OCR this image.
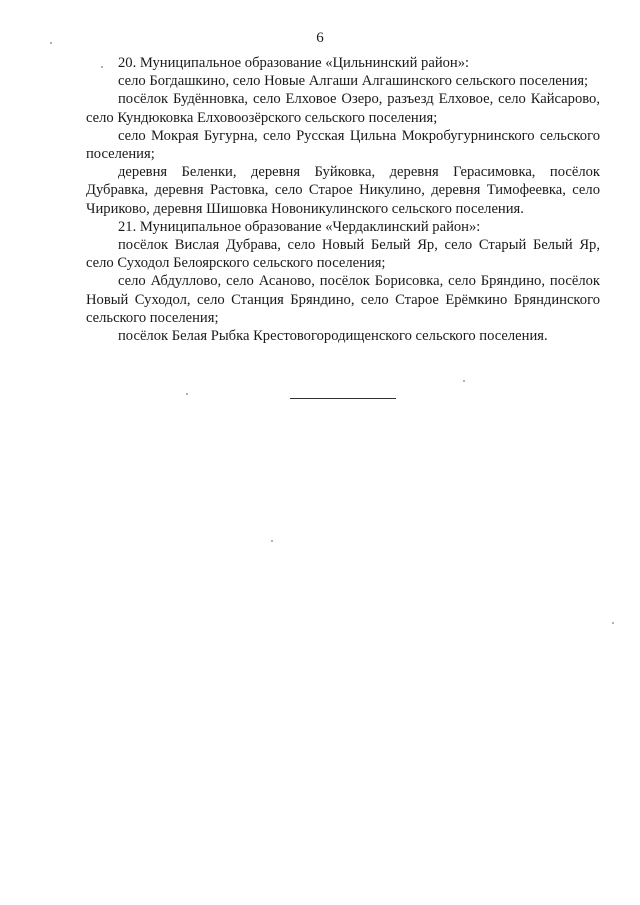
6

20. Муниципальное образование «Цильнинский район»:

село Богдашкино, село Новые Алгаши Алгашинского сельского поселения;

посёлок Будённовка, село Елховое Озеро, разъезд Елховое, село Кайсарово, село Кундюковка Елховоозёрского сельского поселения;

село Мокрая Бугурна, село Русская Цильна Мокробугурнинского сельского поселения;

деревня Беленки, деревня Буйковка, деревня Герасимовка, посёлок Дубравка, деревня Растовка, село Старое Никулино, деревня Тимофеевка, село Чириково, деревня Шишовка Новоникулинского сельского поселения.

21. Муниципальное образование «Чердаклинский район»:

посёлок Вислая Дубрава, село Новый Белый Яр, село Старый Белый Яр, село Суходол Белоярского сельского поселения;

село Абдуллово, село Асаново, посёлок Борисовка, село Бряндино, посёлок Новый Суходол, село Станция Бряндино, село Старое Ерёмкино Бряндинского сельского поселения;

посёлок Белая Рыбка Крестовогородищенского сельского поселения.
